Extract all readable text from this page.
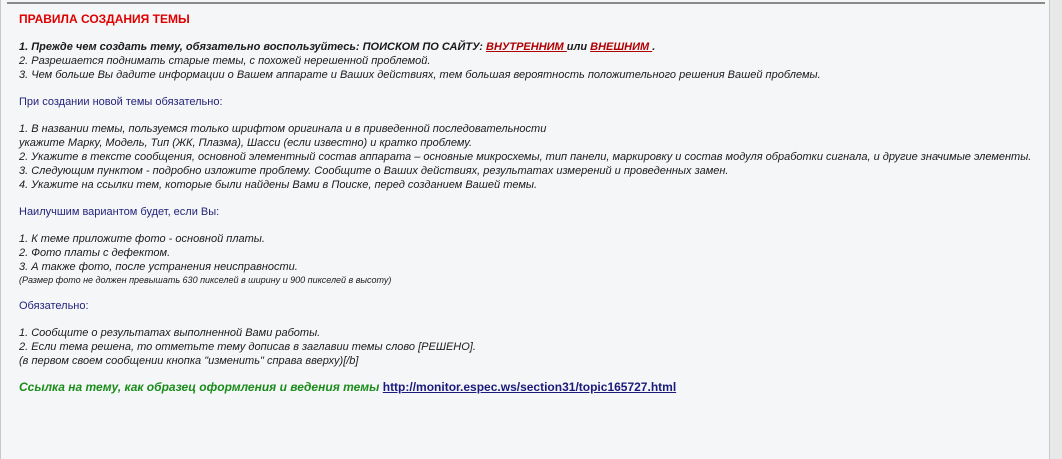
ПРАВИЛА СОЗДАНИЯ ТЕМЫ

1. Прежде чем создать тему, обязательно воспользуйтесь: ПОИСКОМ ПО САЙТУ: ВНУТРЕННИМ или ВНЕШНИМ .

2. Разрешается поднимать старые темы, с похожей нерешенной проблемой.

3. Чем больше Вы дадите информации о Вашем аппарате и Ваших действиях, тем большая вероятность положительного решения Вашей проблемы.

При создании новой темы обязательно:

1. В названии темы, пользуемся только шрифтом оригинала и в приведенной последовательности

укажите Марку, Модель, Тип (ЖК, Плазма), Шасси (если известно) и кратко проблему.

2. Укажите в тексте сообщения, основной элементный состав аппарата – основные микросхемы, тип панели, маркировку и состав модуля обработки сигнала, и другие значимые элементы.

3. Следующим пунктом - подробно изложите проблему. Сообщите о Ваших действиях, результатах измерений и проведенных замен.

4. Укажите на ссылки тем, которые были найдены Вами в Поиске, перед созданием Вашей темы.

Наилучшим вариантом будет, если Вы:

1. К теме приложите фото - основной платы.

2. Фото платы с дефектом.

3. А также фото, после устранения неисправности.

(Размер фото не должен превышать 630 пикселей в ширину и 900 пикселей в высоту)

Обязательно:

1. Сообщите о результатах выполненной Вами работы.

2. Если тема решена, то отметьте тему дописав в заглавии темы слово [РЕШЕНО].

(в первом своем сообщении кнопка "изменить" справа вверху)[/b]

Ссылка на тему, как образец оформления и ведения темы http://monitor.espec.ws/section31/topic165727.html
